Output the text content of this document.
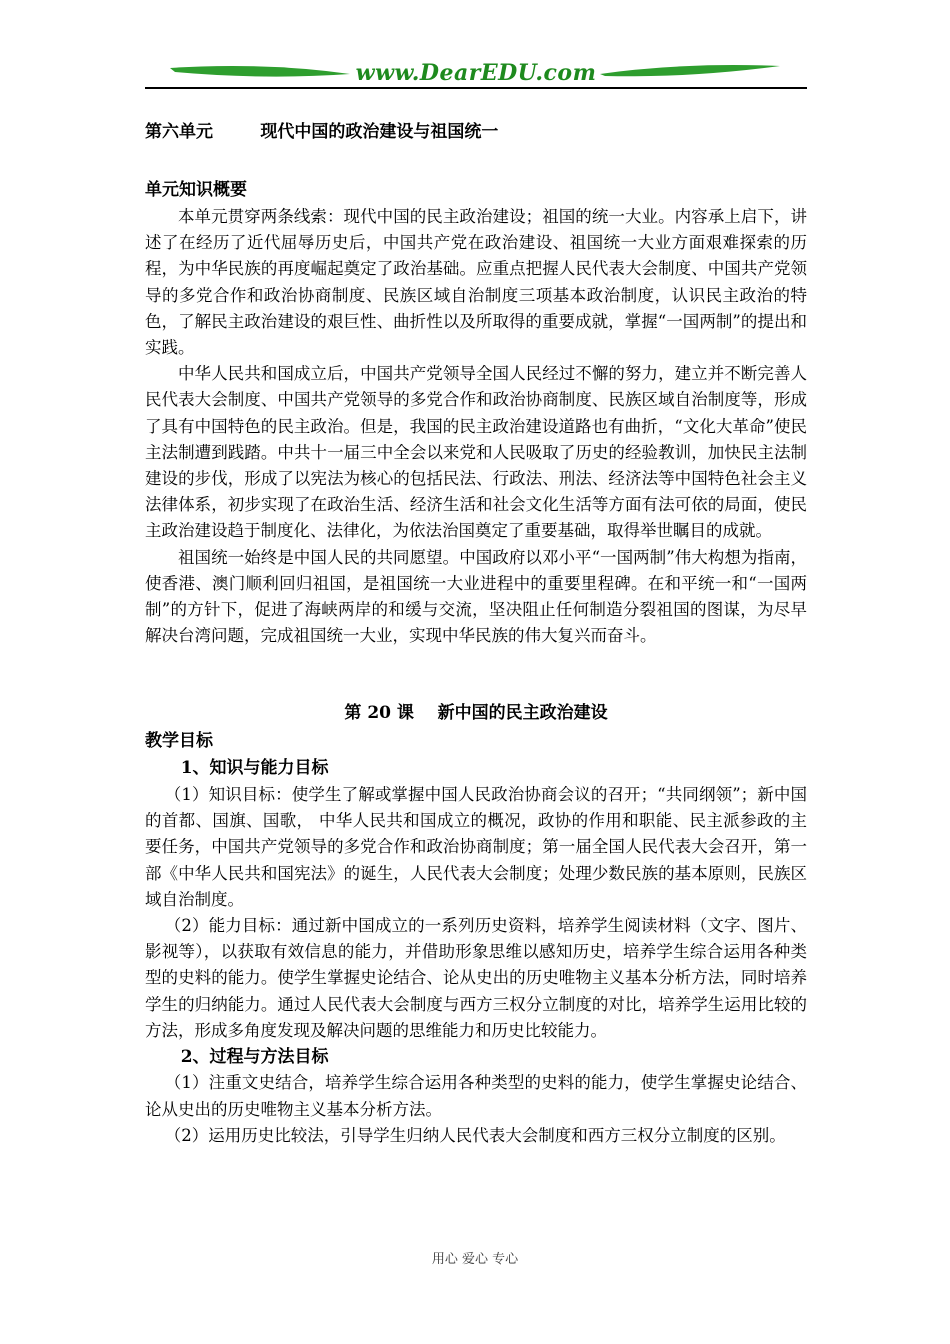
www.DearEDU.com
第六单元        现代中国的政治建设与祖国统一
单元知识概要

本单元贯穿两条线索：现代中国的民主政治建设；祖国的统一大业。内容承上启下，讲述了在经历了近代屈辱历史后，中国共产党在政治建设、祖国统一大业方面艰难探索的历程，为中华民族的再度崛起奠定了政治基础。应重点把握人民代表大会制度、中国共产党领导的多党合作和政治协商制度、民族区域自治制度三项基本政治制度，认识民主政治的特色，了解民主政治建设的艰巨性、曲折性以及所取得的重要成就，掌握“一国两制”的提出和实践。

中华人民共和国成立后，中国共产党领导全国人民经过不懈的努力，建立并不断完善人民代表大会制度、中国共产党领导的多党合作和政治协商制度、民族区域自治制度等，形成了具有中国特色的民主政治。但是，我国的民主政治建设道路也有曲折，“文化大革命”使民主法制遭到践踏。中共十一届三中全会以来党和人民吸取了历史的经验教训，加快民主法制建设的步伐，形成了以宪法为核心的包括民法、行政法、刑法、经济法等中国特色社会主义法律体系，初步实现了在政治生活、经济生活和社会文化生活等方面有法可依的局面，使民主政治建设趋于制度化、法律化，为依法治国奠定了重要基础，取得举世瞩目的成就。

祖国统一始终是中国人民的共同愿望。中国政府以邓小平“一国两制”伟大构想为指南，使香港、澳门顺利回归祖国，是祖国统一大业进程中的重要里程碑。在和平统一和“一国两制”的方针下，促进了海峡两岸的和缓与交流，坚决阻止任何制造分裂祖国的图谋，为尽早解决台湾问题，完成祖国统一大业，实现中华民族的伟大复兴而奋斗。

第 20 课    新中国的民主政治建设
教学目标
1、知识与能力目标

（1）知识目标：使学生了解或掌握中国人民政治协商会议的召开；“共同纲领”；新中国的首都、国旗、国歌， 中华人民共和国成立的概况，政协的作用和职能、民主派参政的主要任务，中国共产党领导的多党合作和政治协商制度；第一届全国人民代表大会召开，第一部《中华人民共和国宪法》的诞生，人民代表大会制度；处理少数民族的基本原则，民族区域自治制度。

（2）能力目标：通过新中国成立的一系列历史资料，培养学生阅读材料（文字、图片、影视等），以获取有效信息的能力，并借助形象思维以感知历史，培养学生综合运用各种类型的史料的能力。使学生掌握史论结合、论从史出的历史唯物主义基本分析方法，同时培养学生的归纳能力。通过人民代表大会制度与西方三权分立制度的对比，培养学生运用比较的方法，形成多角度发现及解决问题的思维能力和历史比较能力。

2、过程与方法目标

（1）注重文史结合，培养学生综合运用各种类型的史料的能力，使学生掌握史论结合、论从史出的历史唯物主义基本分析方法。

（2）运用历史比较法，引导学生归纳人民代表大会制度和西方三权分立制度的区别。

用心 爱心 专心
